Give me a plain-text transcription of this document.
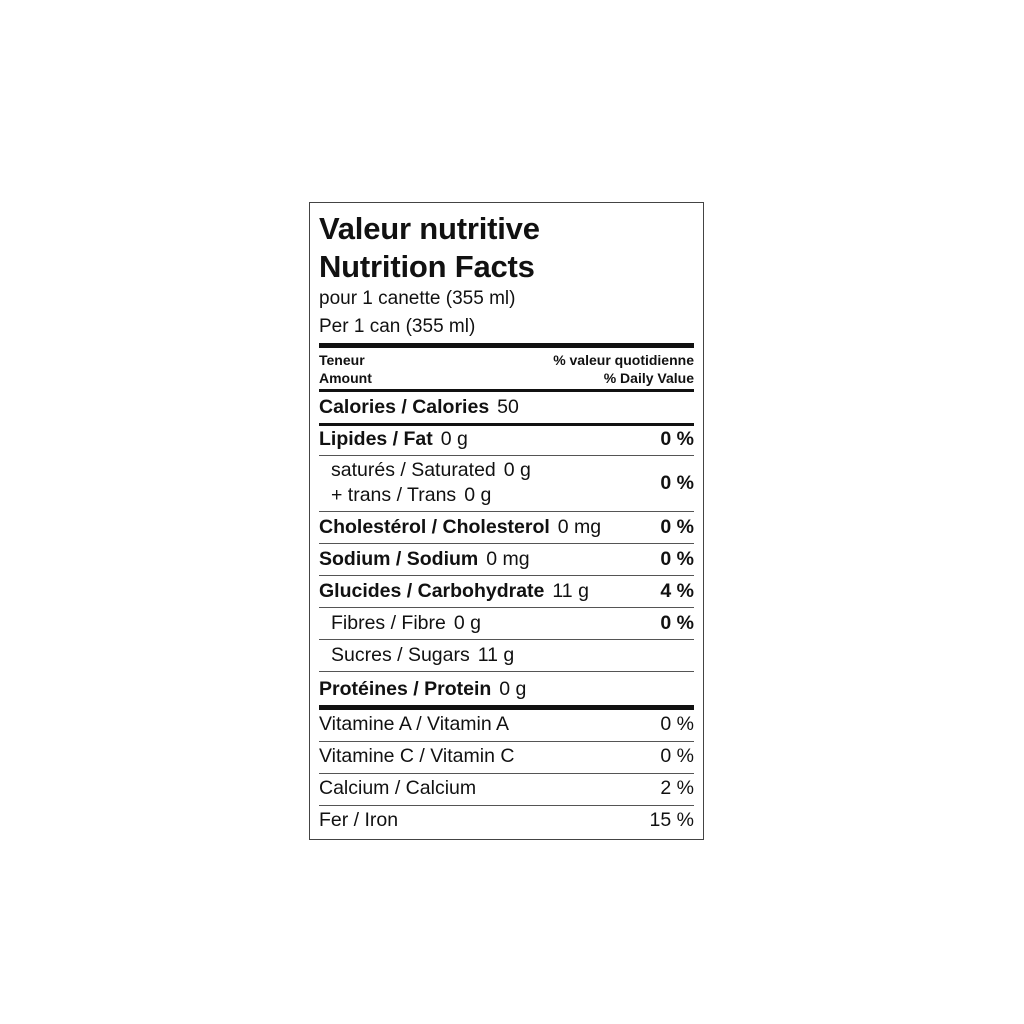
Valeur nutritive
Nutrition Facts
pour 1 canette (355 ml)
Per 1 can (355 ml)
Teneur
Amount
% valeur quotidienne
% Daily Value
Calories / Calories 50
Lipides / Fat 0 g	0 %
saturés / Saturated 0 g
+ trans / Trans 0 g
0 %
Cholestérol / Cholesterol 0 mg	0 %
Sodium / Sodium 0 mg	0 %
Glucides / Carbohydrate 11 g	4 %
Fibres / Fibre 0 g	0 %
Sucres / Sugars 11 g
Protéines / Protein 0 g
Vitamine A / Vitamin A	0 %
Vitamine C / Vitamin C	0 %
Calcium / Calcium	2 %
Fer / Iron	15 %
